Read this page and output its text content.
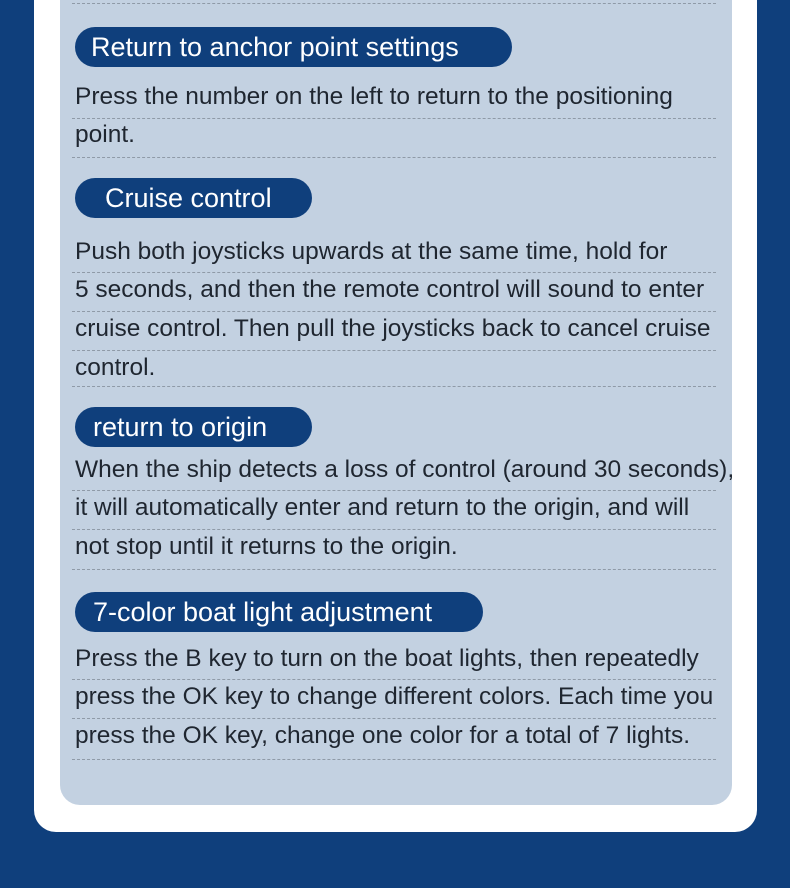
Return to anchor point settings
Press the number on the left to return to the positioning
point.
Cruise control
Push both joysticks upwards at the same time, hold for
5 seconds, and then the remote control will sound to enter
cruise control. Then pull the joysticks back to cancel cruise
control.
return to origin
When the ship detects a loss of control (around 30 seconds),
it will automatically enter and return to the origin, and will
not stop until it returns to the origin.
7-color boat light adjustment
Press the B key to turn on the boat lights, then repeatedly
press the OK key to change different colors. Each time you
press the OK key, change one color for a total of 7 lights.
